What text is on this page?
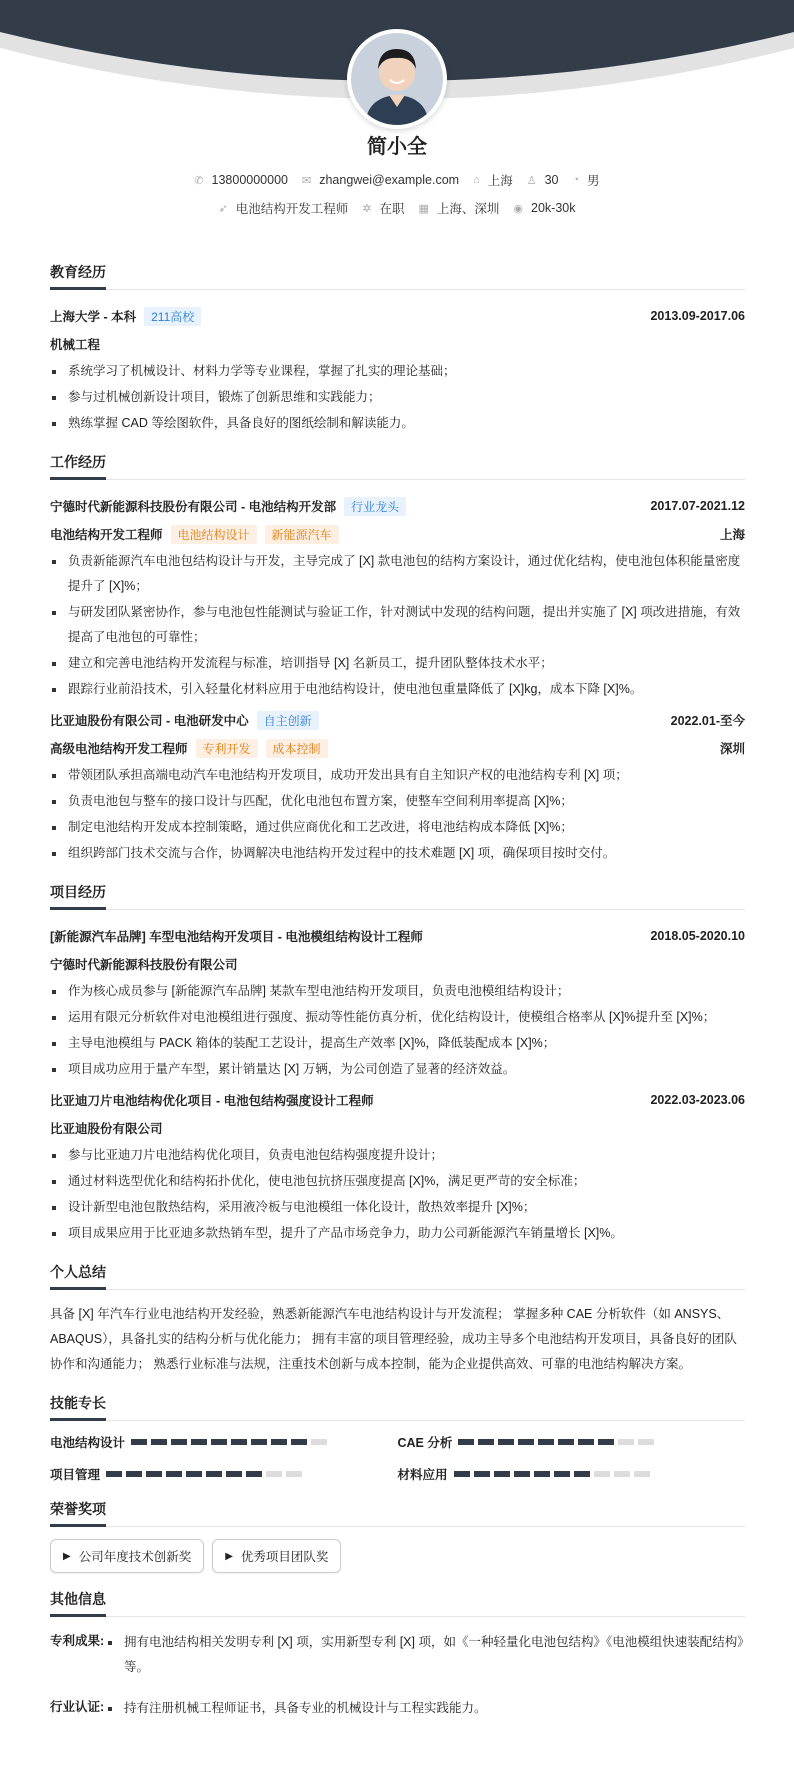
简小全
✆ 13800000000 ✉ zhangwei@example.com ⌂ 上海 ♙ 30 ◔ 男
➶ 电池结构开发工程师 ✲ 在职 ▦ 上海、深圳 ◉ 20k-30k
教育经历
上海大学 - 本科	211高校	2013.09-2017.06
机械工程
系统学习了机械设计、材料力学等专业课程，掌握了扎实的理论基础；
参与过机械创新设计项目，锻炼了创新思维和实践能力；
熟练掌握 CAD 等绘图软件，具备良好的图纸绘制和解读能力。
工作经历
宁德时代新能源科技股份有限公司 - 电池结构开发部	行业龙头	2017.07-2021.12
电池结构开发工程师	电池结构设计	新能源汽车	上海
负责新能源汽车电池包结构设计与开发，主导完成了 [X] 款电池包的结构方案设计，通过优化结构，使电池包体积能量密度提升了 [X]%；
与研发团队紧密协作，参与电池包性能测试与验证工作，针对测试中发现的结构问题，提出并实施了 [X] 项改进措施，有效提高了电池包的可靠性；
建立和完善电池结构开发流程与标准，培训指导 [X] 名新员工，提升团队整体技术水平；
跟踪行业前沿技术，引入轻量化材料应用于电池结构设计，使电池包重量降低了 [X]kg，成本下降 [X]%。
比亚迪股份有限公司 - 电池研发中心	自主创新	2022.01-至今
高级电池结构开发工程师	专利开发	成本控制	深圳
带领团队承担高端电动汽车电池结构开发项目，成功开发出具有自主知识产权的电池结构专利 [X] 项；
负责电池包与整车的接口设计与匹配，优化电池包布置方案，使整车空间利用率提高 [X]%；
制定电池结构开发成本控制策略，通过供应商优化和工艺改进，将电池结构成本降低 [X]%；
组织跨部门技术交流与合作，协调解决电池结构开发过程中的技术难题 [X] 项，确保项目按时交付。
项目经历
[新能源汽车品牌] 车型电池结构开发项目 - 电池模组结构设计工程师	2018.05-2020.10
宁德时代新能源科技股份有限公司
作为核心成员参与 [新能源汽车品牌] 某款车型电池结构开发项目，负责电池模组结构设计；
运用有限元分析软件对电池模组进行强度、振动等性能仿真分析，优化结构设计，使模组合格率从 [X]%提升至 [X]%；
主导电池模组与 PACK 箱体的装配工艺设计，提高生产效率 [X]%，降低装配成本 [X]%；
项目成功应用于量产车型，累计销量达 [X] 万辆，为公司创造了显著的经济效益。
比亚迪刀片电池结构优化项目 - 电池包结构强度设计工程师	2022.03-2023.06
比亚迪股份有限公司
参与比亚迪刀片电池结构优化项目，负责电池包结构强度提升设计；
通过材料选型优化和结构拓扑优化，使电池包抗挤压强度提高 [X]%，满足更严苛的安全标准；
设计新型电池包散热结构，采用液冷板与电池模组一体化设计，散热效率提升 [X]%；
项目成果应用于比亚迪多款热销车型，提升了产品市场竞争力，助力公司新能源汽车销量增长 [X]%。
个人总结
具备 [X] 年汽车行业电池结构开发经验，熟悉新能源汽车电池结构设计与开发流程； 掌握多种 CAE 分析软件（如 ANSYS、ABAQUS），具备扎实的结构分析与优化能力； 拥有丰富的项目管理经验，成功主导多个电池结构开发项目，具备良好的团队协作和沟通能力； 熟悉行业标准与法规，注重技术创新与成本控制，能为企业提供高效、可靠的电池结构解决方案。
技能专长
电池结构设计	CAE 分析
项目管理	材料应用
荣誉奖项
▶ 公司年度技术创新奖	▶ 优秀项目团队奖
其他信息
专利成果:	拥有电池结构相关发明专利 [X] 项，实用新型专利 [X] 项，如《一种轻量化电池包结构》《电池模组快速装配结构》等。
行业认证:	持有注册机械工程师证书，具备专业的机械设计与工程实践能力。
